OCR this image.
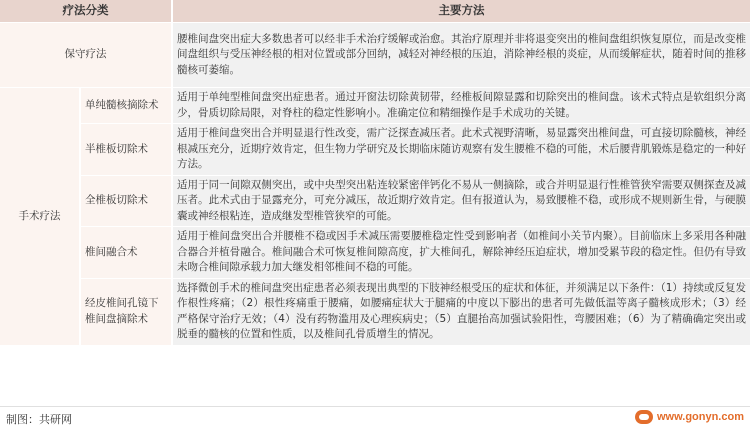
疗法分类		主要方法
保守疗法		腰椎间盘突出症大多数患者可以经非手术治疗缓解或治愈。其治疗原理并非将退变突出的椎间盘组织恢复原位，而是改变椎间盘组织与受压神经根的相对位置或部分回纳，减轻对神经根的压迫，消除神经根的炎症，从而缓解症状，随着时间的推移髓核可萎缩。
手术疗法	单纯髓核摘除术	适用于单纯型椎间盘突出症患者。通过开窗法切除黄韧带，经椎板间隙显露和切除突出的椎间盘。该术式特点是软组织分离少，骨质切除局限，对脊柱的稳定性影响小。准确定位和精细操作是手术成功的关键。
	半椎板切除术	适用于椎间盘突出合并明显退行性改变，需广泛探查减压者。此术式视野清晰，易显露突出椎间盘，可直接切除髓核，神经根减压充分，近期疗效肯定，但生物力学研究及长期临床随访观察有发生腰椎不稳的可能，术后腰背肌锻炼是稳定的一种好方法。
	全椎板切除术	适用于同一间隙双侧突出，或中央型突出粘连较紧密伴钙化不易从一侧摘除，或合并明显退行性椎管狭窄需要双侧探查及减压者。此术式由于显露充分，可充分减压，故近期疗效肯定。但有报道认为，易致腰椎不稳，或形成不规则新生骨，与硬膜囊或神经根粘连，造成继发型椎管狭窄的可能。
	椎间融合术	适用于椎间盘突出合并腰椎不稳或因手术减压需要腰椎稳定性受到影响者（如椎间小关节内聚）。目前临床上多采用各种融合器合并植骨融合。椎间融合术可恢复椎间隙高度，扩大椎间孔，解除神经压迫症状，增加受累节段的稳定性。但仍有导致未吻合椎间隙承载力加大继发相邻椎间不稳的可能。
	经皮椎间孔镜下椎间盘摘除术	选择微创手术的椎间盘突出症患者必须表现出典型的下肢神经根受压的症状和体征，并须满足以下条件：（1）持续或反复发作根性疼痛；（2）根性疼痛重于腰痛，如腰痛症状大于腿痛的中度以下膨出的患者可先做低温等离子髓核成形术；（3）经严格保守治疗无效；（4）没有药物滥用及心理疾病史；（5）直腿抬高加强试验阳性，弯腰困难；（6）为了精确确定突出或脱垂的髓核的位置和性质，以及椎间孔骨质增生的情况。
制图：共研网	www.gonyn.com
